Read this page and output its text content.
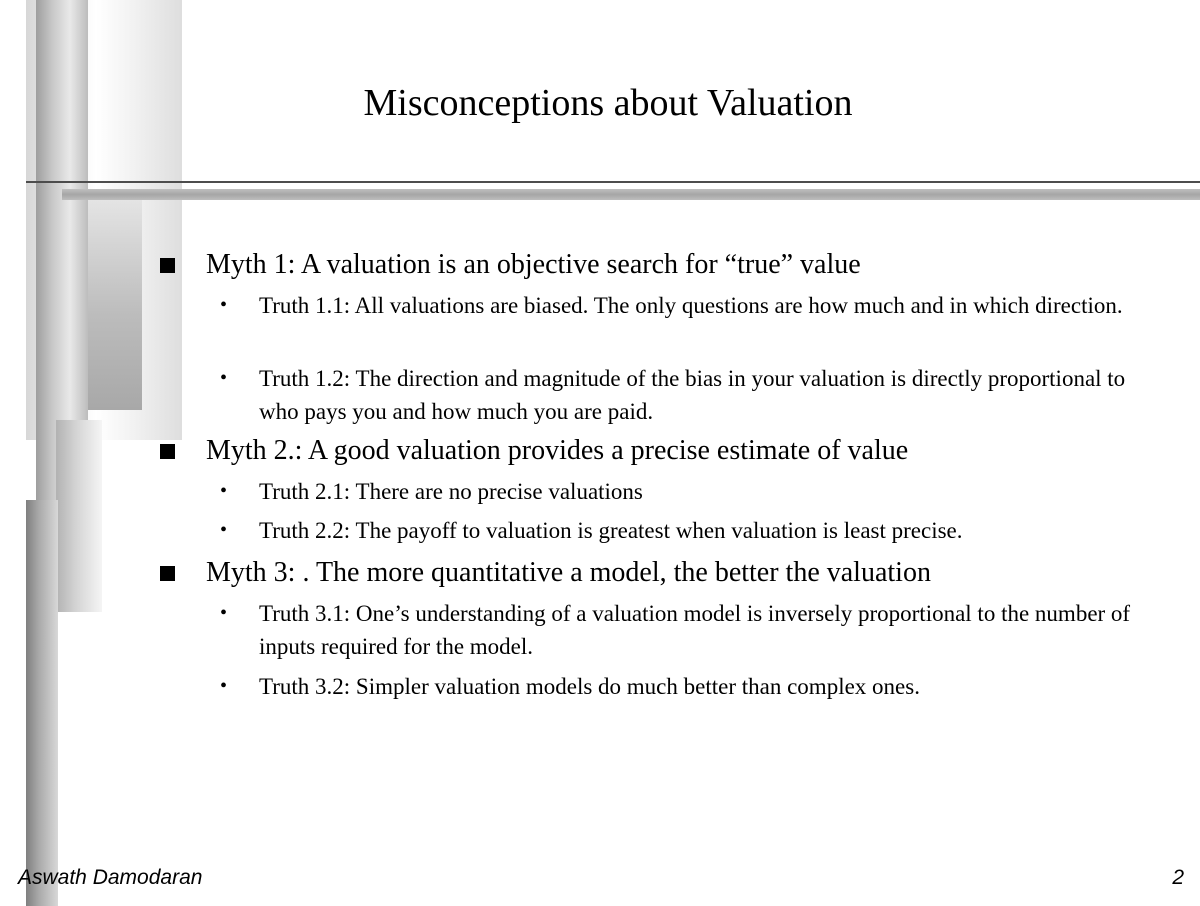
Misconceptions about Valuation
Myth 1: A valuation is an objective search for “true” value
• Truth 1.1: All valuations are biased. The only questions are how much and in which direction.
• Truth 1.2: The direction and magnitude of the bias in your valuation is directly proportional to who pays you and how much you are paid.
Myth 2.: A good valuation provides a precise estimate of value
• Truth 2.1: There are no precise valuations
• Truth 2.2: The payoff to valuation is greatest when valuation is least precise.
Myth 3: . The more quantitative a model, the better the valuation
• Truth 3.1: One’s understanding of a valuation model is inversely proportional to the number of inputs required for the model.
• Truth 3.2: Simpler valuation models do much better than complex ones.
Aswath Damodaran	2
